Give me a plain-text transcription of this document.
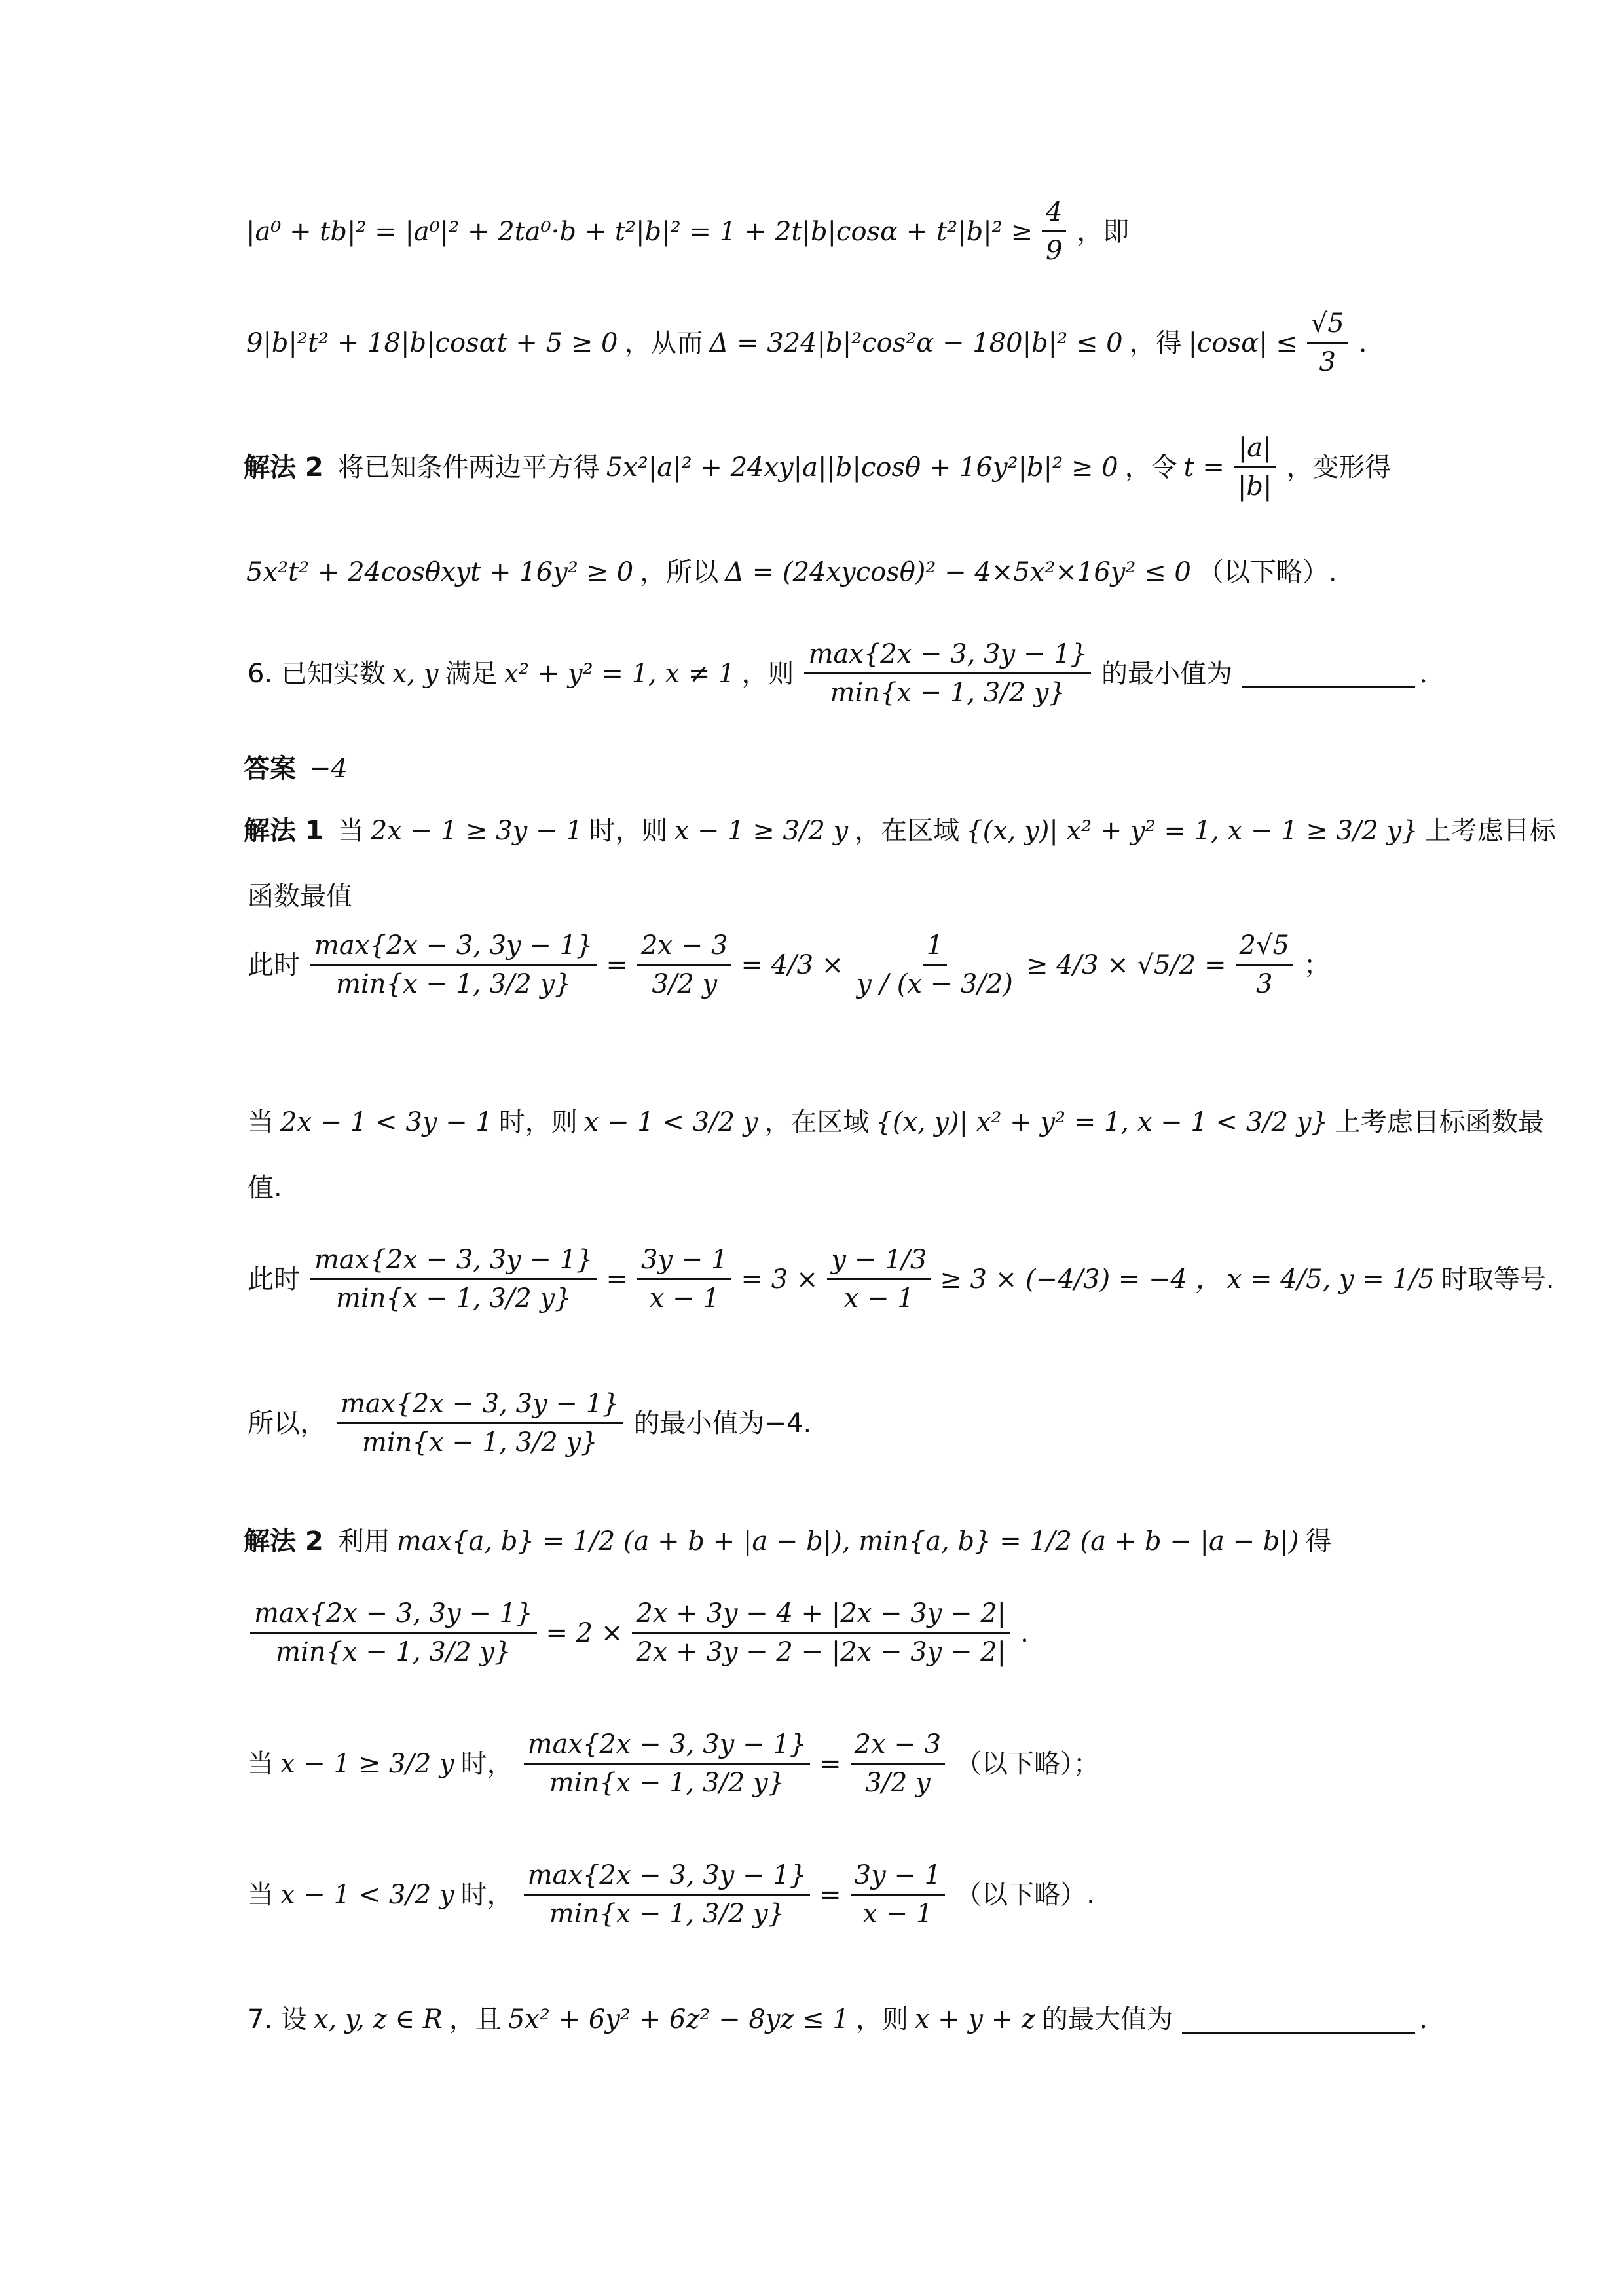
$|a^0 + tb|^2 = |a^0|^2 + 2ta^0\cdot b + t^2|b|^2 = 1 + 2t|b|\cos\alpha + t^2|b|^2 \ge \frac{4}{9}$ ，即
9|b|²t² + 18|b|cosαt + 5 ≥ 0 ，从而 Δ = 324|b|²cos²α − 180|b|² ≤ 0 ，得 $|\cos\alpha| \le \frac{√5}{3}$ .
解法 2 将已知条件两边平方得 5x²|a|² + 24xy|a||b|cosθ + 16y²|b|² ≥ 0 ，令 $t = \frac{|a|}{|b|}$ ，变形得
5x²t² + 24cosθxyt + 16y² ≥ 0 ，所以 Δ = (24xycosθ)² − 4×5x²×16y² ≤ 0 （以下略）.
6. 已知实数 x, y 满足 x² + y² = 1, x ≠ 1 ，则 $\frac{\max\{2x - 3, 3y - 1\}}{\min\{x - 1, 3/2 y\}}$ 的最小值为	.
答案 −4
解法 1 当 2x − 1 ≥ 3y − 1 时，则 x − 1 ≥ 3/2 y ，在区域 {(x, y)| x² + y² = 1, x − 1 ≥ 3/2 y} 上考虑目标
函数最值
此时 $\frac{\max\{2x - 3, 3y - 1\}}{\min\{x - 1, 3/2 y\}} = \frac{2x - 3}{3/2 y} = 4/3 \times \frac{1}{y / (x - 3/2)} \ge 4/3 \times √5/2 = \frac{2√5}{3}$ ；
当 2x − 1 < 3y − 1 时，则 x − 1 < 3/2 y ，在区域 {(x, y)| x² + y² = 1, x − 1 < 3/2 y} 上考虑目标函数最
值.
此时 $\frac{\max\{2x - 3, 3y - 1\}}{\min\{x - 1, 3/2 y\}} = \frac{3y - 1}{x - 1} = 3 \times \frac{y - 1/3}{x - 1} \ge 3 \times (-4/3) = -4$ ， x = 4/5, y = 1/5 时取等号.
所以， $\frac{\max\{2x - 3, 3y - 1\}}{\min\{x - 1, 3/2 y\}}$ 的最小值为−4.
解法 2 利用 max{a, b} = 1/2 (a + b + |a − b|), min{a, b} = 1/2 (a + b − |a − b|) 得
$\frac{\max\{2x - 3, 3y - 1\}}{\min\{x - 1, 3/2 y\}} = 2 \times \frac{2x + 3y - 4 + |2x - 3y - 2|}{2x + 3y - 2 - |2x - 3y - 2|}$ .
当 x − 1 ≥ 3/2 y 时， $\frac{\max\{2x - 3, 3y - 1\}}{\min\{x - 1, 3/2 y\}} = \frac{2x - 3}{3/2 y}$ （以下略）；
当 x − 1 < 3/2 y 时， $\frac{\max\{2x - 3, 3y - 1\}}{\min\{x - 1, 3/2 y\}} = \frac{3y - 1}{x - 1}$ （以下略）.
7. 设 x, y, z ∈ R ，且 5x² + 6y² + 6z² − 8yz ≤ 1 ，则 x + y + z 的最大值为	.
